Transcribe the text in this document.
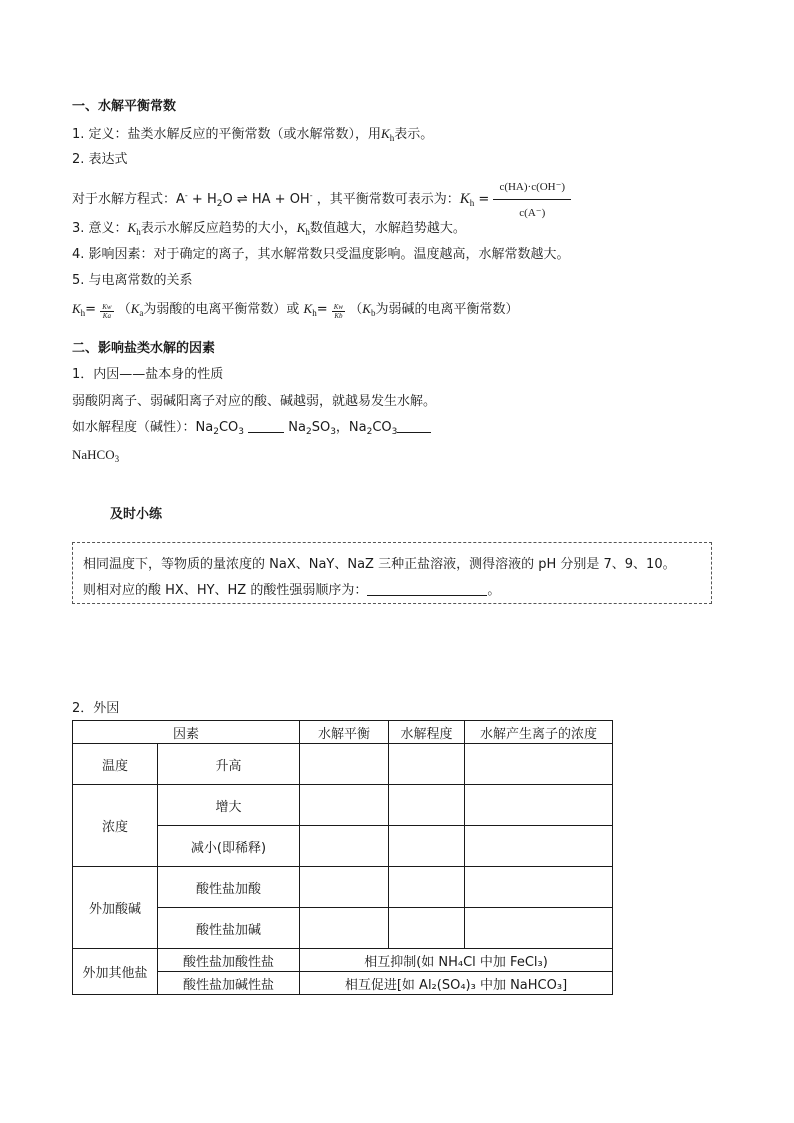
一、水解平衡常数
1. 定义：盐类水解反应的平衡常数（或水解常数），用$K_h$表示。
2. 表达式
对于水解方程式：$A^- + H_2O$ ⇌ HA + OH- ，其平衡常数可表示为：$K_h = \frac{c(HA)\cdot c(OH^-)}{c(A^-)}$
3. 意义：$K_h$表示水解反应趋势的大小，$K_h$数值越大，水解趋势越大。
4. 影响因素：对于确定的离子，其水解常数只受温度影响。温度越高，水解常数越大。
5. 与电离常数的关系
$K_h= \frac{Kw}{Ka} (K_a$为弱酸的电离平衡常数）或 $K_h= \frac{Kw}{Kb} (K_b$为弱碱的电离平衡常数）
二、影响盐类水解的因素
1．内因——盐本身的性质
弱酸阴离子、弱碱阳离子对应的酸、碱越弱，就越易发生水解。
如水解程度（碱性）：$Na_2CO_3$	$Na_2SO_3$，$Na_2CO_3$
NaHCO$_3$
及时小练
相同温度下，等物质的量浓度的 NaX、NaY、NaZ 三种正盐溶液，测得溶液的 pH 分别是 7、9、10。
则相对应的酸 HX、HY、HZ 的酸性强弱顺序为：	。
2．外因
因素		水解平衡	水解程度	水解产生离子的浓度
温度	升高			
浓度	增大			
	减小(即稀释)			
外加酸碱	酸性盐加酸			
	酸性盐加碱			
外加其他盐	酸性盐加酸性盐	相互抑制(如 NH₄Cl 中加 FeCl₃)		
	酸性盐加碱性盐	相互促进[如 Al₂(SO₄)₃ 中加 NaHCO₃]		
